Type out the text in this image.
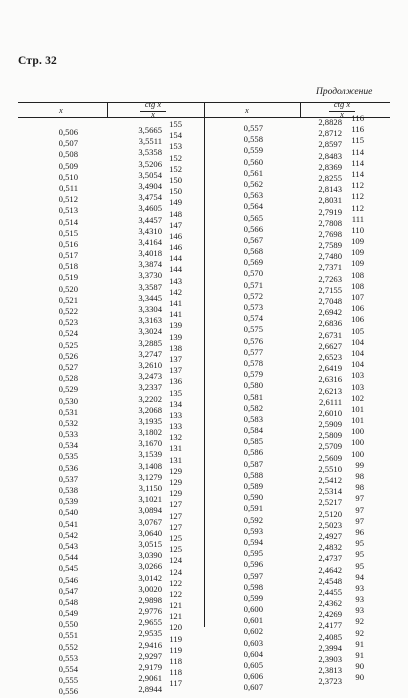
Стр. 32
Продолжение
x
ctg x
x	x
ctg x
x
0,506
0,507
0,508
0,509
0,510
0,511
0,512
0,513
0,514
0,515
0,516
0,517
0,518
0,519
0,520
0,521
0,522
0,523
0,524
0,525
0,526
0,527
0,528
0,529
0,530
0,531
0,532
0,533
0,534
0,535
0,536
0,537
0,538
0,539
0,540
0,541
0,542
0,543
0,544
0,545
0,546
0,547
0,548
0,549
0,550
0,551
0,552
0,553
0,554
0,555
0,556
3,5665
3,5511
3,5358
3,5206
3,5054
3,4904
3,4754
3,4605
3,4457
3,4310
3,4164
3,4018
3,3874
3,3730
3,3587
3,3445
3,3304
3,3163
3,3024
3,2885
3,2747
3,2610
3,2473
3,2337
3,2202
3,2068
3,1935
3,1802
3,1670
3,1539
3,1408
3,1279
3,1150
3,1021
3,0894
3,0767
3,0640
3,0515
3,0390
3,0266
3,0142
3,0020
2,9898
2,9776
2,9655
2,9535
2,9416
2,9297
2,9179
2,9061
2,8944
155
154
153
152
152
150
150
149
148
147
146
146
144
144
143
142
141
141
139
139
138
137
137
136
135
134
133
133
132
131
131
129
129
129
127
127
127
125
125
124
124
122
122
121
121
120
119
119
118
118
117
0,557
0,558
0,559
0,560
0,561
0,562
0,563
0,564
0,565
0,566
0,567
0,568
0,569
0,570
0,571
0,572
0,573
0,574
0,575
0,576
0,577
0,578
0,579
0,580
0,581
0,582
0,583
0,584
0,585
0,586
0,587
0,588
0,589
0,590
0,591
0,592
0,593
0,594
0,595
0,596
0,597
0,598
0,599
0,600
0,601
0,602
0,603
0,604
0,605
0,606
0,607
2,8828
2,8712
2,8597
2,8483
2,8369
2,8255
2,8143
2,8031
2,7919
2,7808
2,7698
2,7589
2,7480
2,7371
2,7263
2,7155
2,7048
2,6942
2,6836
2,6731
2,6627
2,6523
2,6419
2,6316
2,6213
2,6111
2,6010
2,5909
2,5809
2,5709
2,5609
2,5510
2,5412
2,5314
2,5217
2,5120
2,5023
2,4927
2,4832
2,4737
2,4642
2,4548
2,4455
2,4362
2,4269
2,4177
2,4085
2,3994
2,3903
2,3813
2,3723
116
116
115
114
114
114
112
112
112
111
110
109
109
109
108
108
107
106
106
105
104
104
104
103
103
102
101
101
100
100
100
99
98
98
97
97
97
96
95
95
95
94
93
93
93
92
92
91
91
90
90
